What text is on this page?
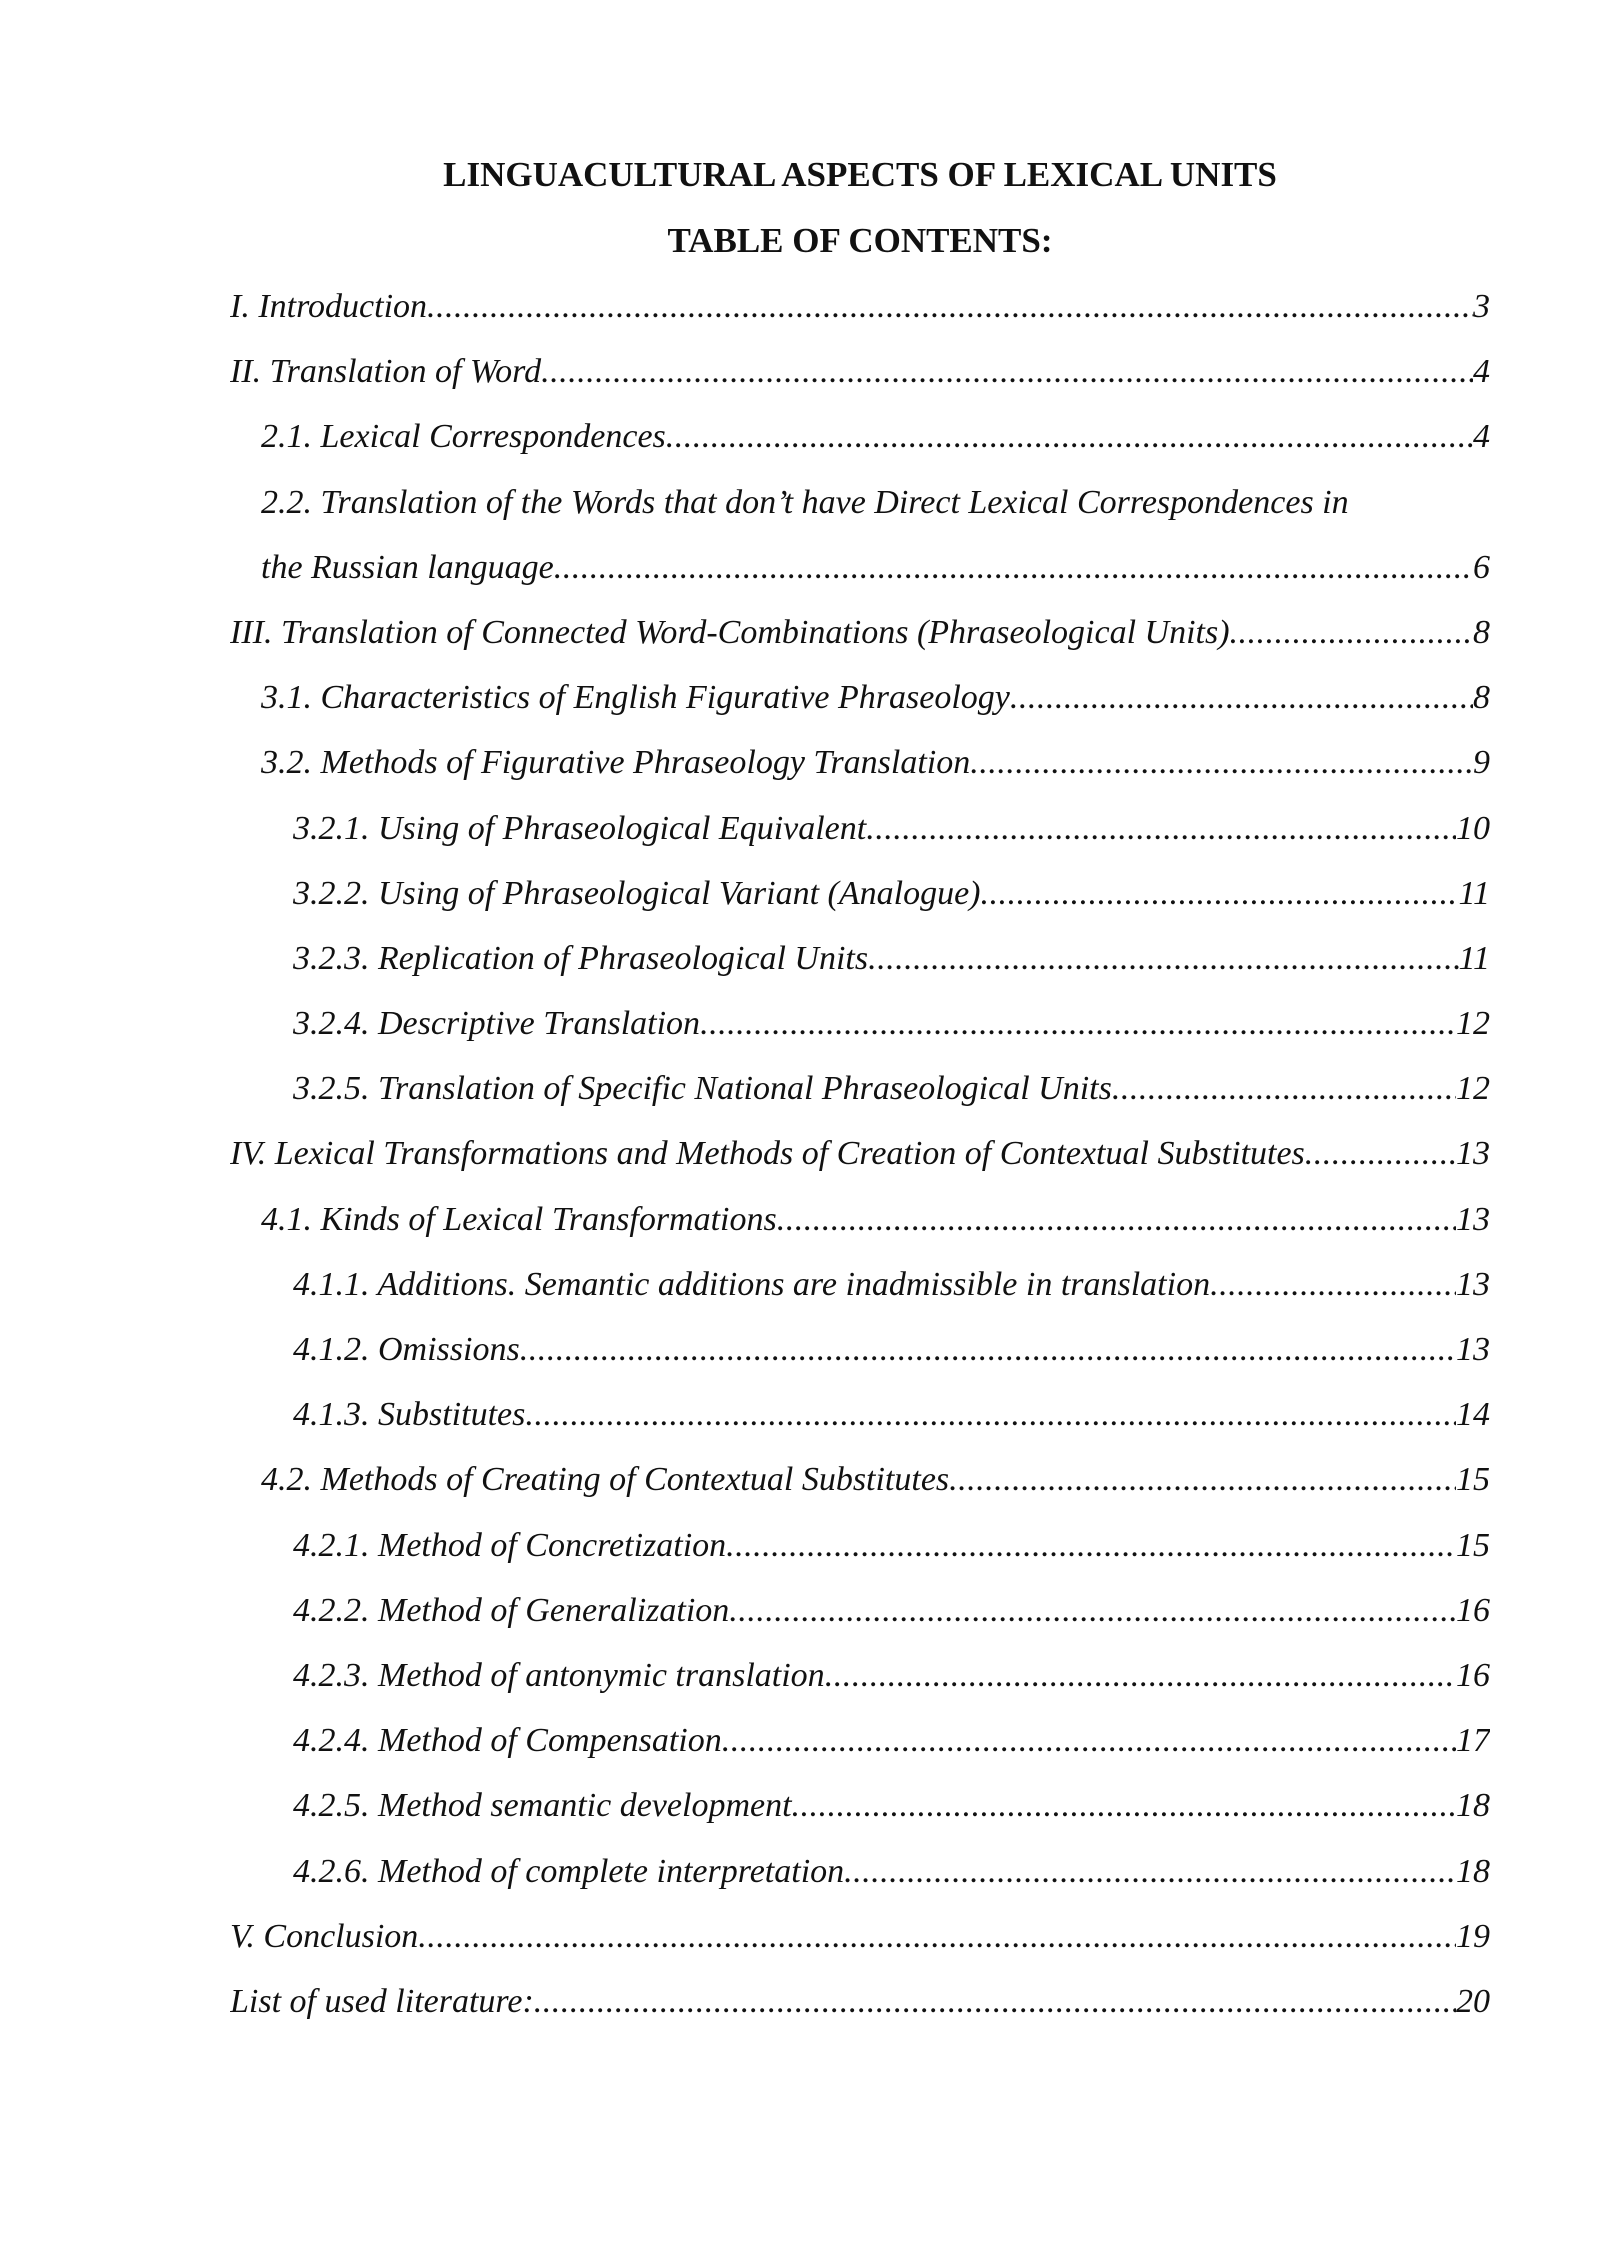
LINGUACULTURAL ASPECTS OF LEXICAL UNITS
TABLE OF CONTENTS:
I. Introduction .....	3
II. Translation of Word .....	4
2.1. Lexical Correspondences .....	4
2.2. Translation of the Words that don’t have Direct Lexical Correspondences in
the Russian language .....	6
III. Translation of Connected Word-Combinations (Phraseological Units) .....	8
3.1. Characteristics of English Figurative Phraseology .....	8
3.2. Methods of Figurative Phraseology Translation .....	9
3.2.1. Using of Phraseological Equivalent .....	10
3.2.2. Using of Phraseological Variant (Analogue) .....	11
3.2.3. Replication of Phraseological Units .....	11
3.2.4. Descriptive Translation .....	12
3.2.5. Translation of Specific National Phraseological Units .....	12
IV. Lexical Transformations and Methods of Creation of Contextual Substitutes .....	13
4.1. Kinds of Lexical Transformations .....	13
4.1.1. Additions. Semantic additions are inadmissible in translation .....	13
4.1.2. Omissions .....	13
4.1.3. Substitutes .....	14
4.2. Methods of Creating of Contextual Substitutes .....	15
4.2.1. Method of Concretization .....	15
4.2.2. Method of Generalization .....	16
4.2.3. Method of antonymic translation .....	16
4.2.4. Method of Compensation .....	17
4.2.5. Method semantic development .....	18
4.2.6. Method of complete interpretation .....	18
V. Conclusion .....	19
List of used literature: .....	20
